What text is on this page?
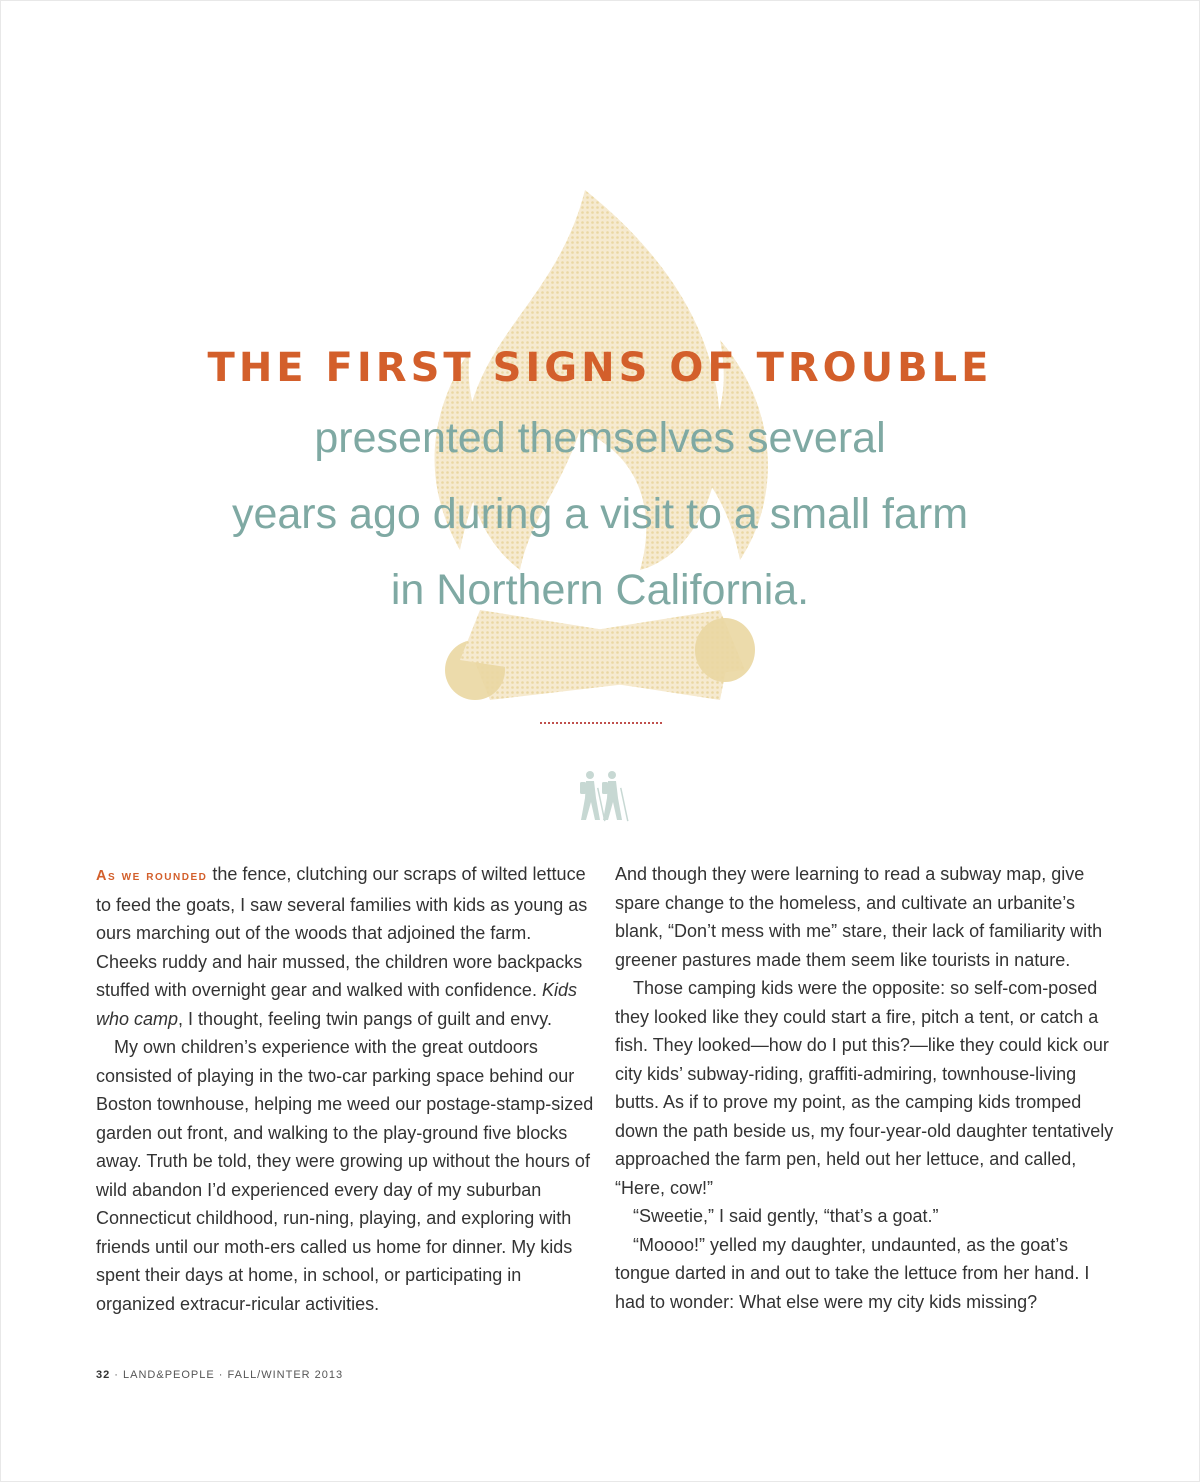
THE FIRST SIGNS OF TROUBLE
presented themselves several
years ago during a visit to a small farm
in Northern California.

As we rounded the fence, clutching our scraps of wilted lettuce to feed the goats, I saw several families with kids as young as ours marching out of the woods that adjoined the farm. Cheeks ruddy and hair mussed, the children wore backpacks stuffed with overnight gear and walked with confidence. Kids who camp, I thought, feeling twin pangs of guilt and envy.

My own children’s experience with the great outdoors consisted of playing in the two-car parking space behind our Boston townhouse, helping me weed our postage-stamp-sized garden out front, and walking to the play-ground five blocks away. Truth be told, they were growing up without the hours of wild abandon I’d experienced every day of my suburban Connecticut childhood, run-ning, playing, and exploring with friends until our moth-ers called us home for dinner. My kids spent their days at home, in school, or participating in organized extracur-ricular activities.

And though they were learning to read a subway map, give spare change to the homeless, and cultivate an urbanite’s blank, “Don’t mess with me” stare, their lack of familiarity with greener pastures made them seem like tourists in nature.

Those camping kids were the opposite: so self-com-posed they looked like they could start a fire, pitch a tent, or catch a fish. They looked—how do I put this?—like they could kick our city kids’ subway-riding, graffiti-admiring, townhouse-living butts. As if to prove my point, as the camping kids tromped down the path beside us, my four-year-old daughter tentatively approached the farm pen, held out her lettuce, and called, “Here, cow!”

“Sweetie,” I said gently, “that’s a goat.”

“Moooo!” yelled my daughter, undaunted, as the goat’s tongue darted in and out to take the lettuce from her hand. I had to wonder: What else were my city kids missing?

32 · LAND&PEOPLE · FALL/WINTER 2013
